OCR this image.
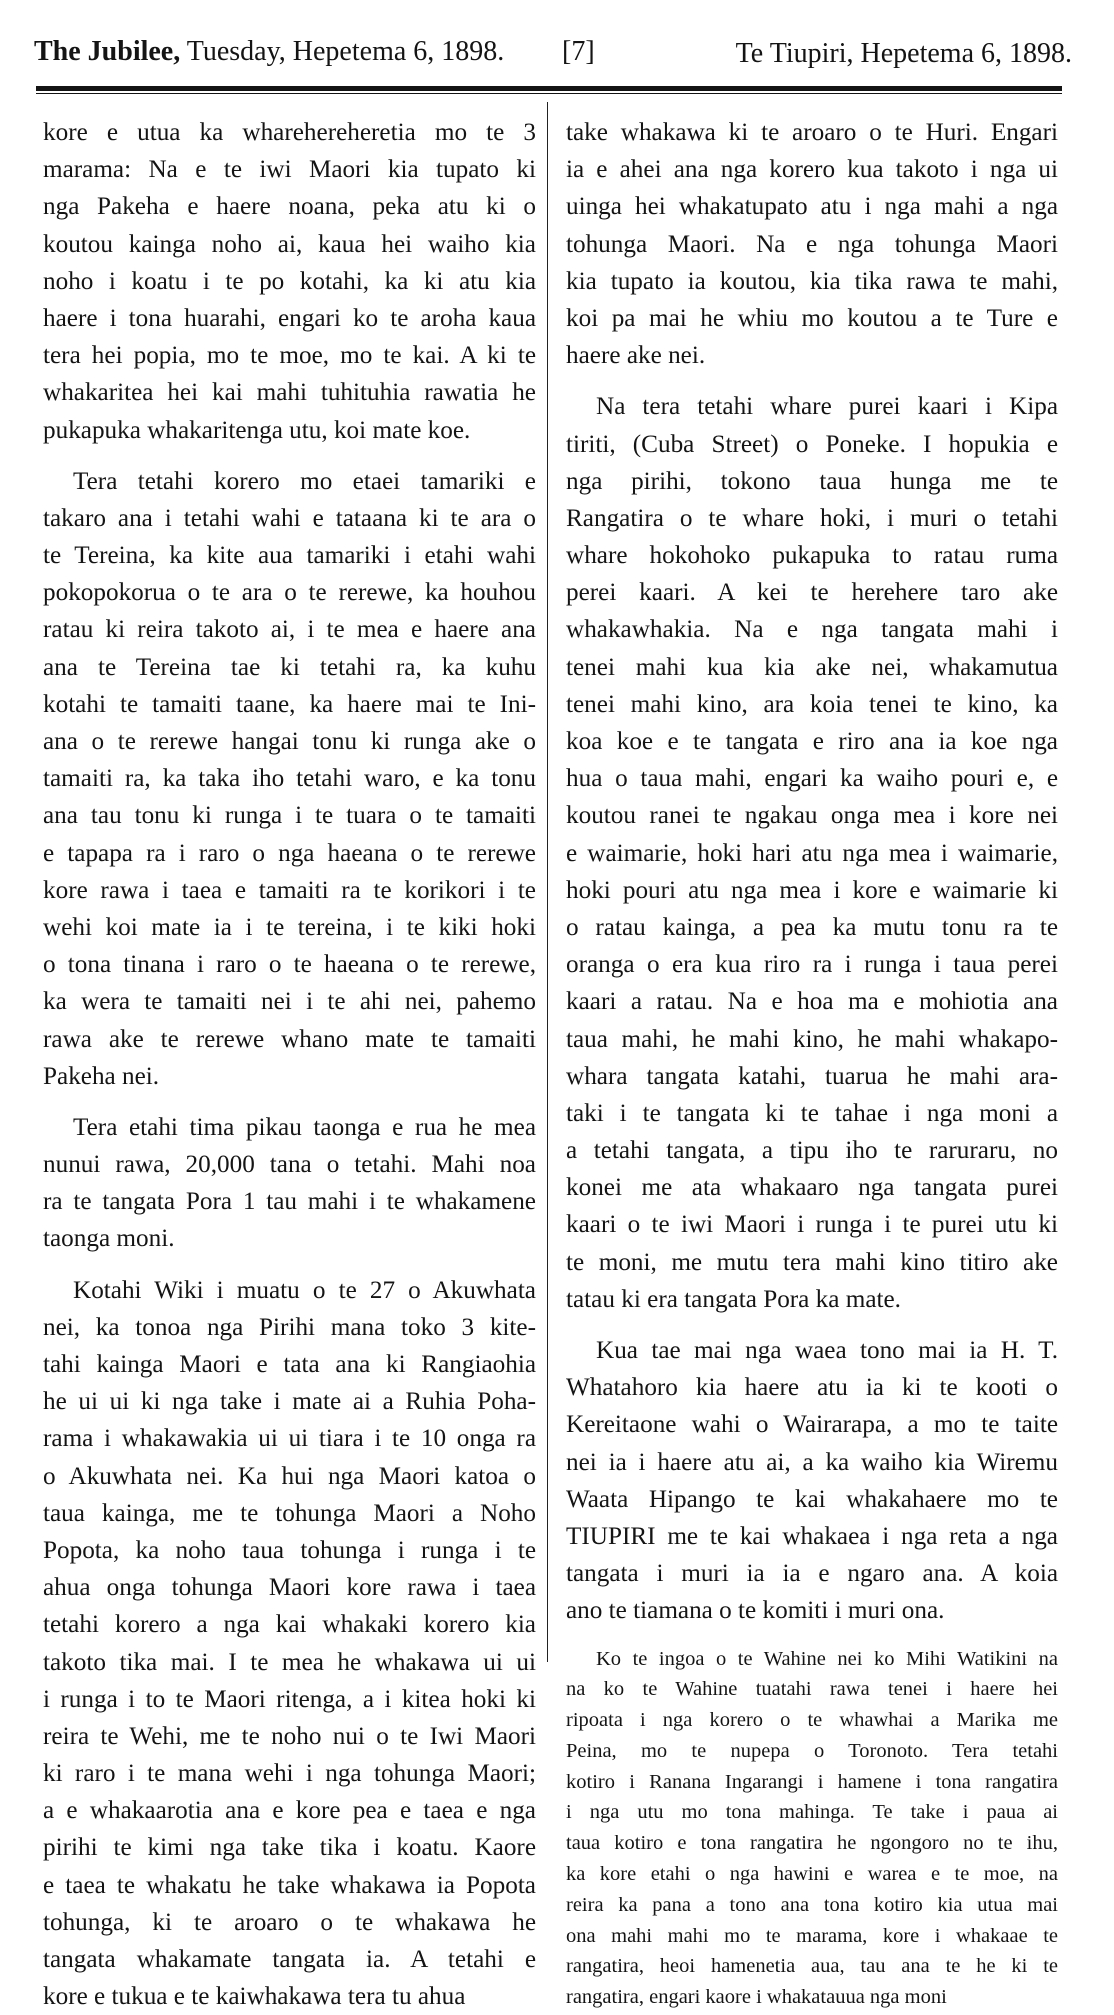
The Jubilee, Tuesday, Hepetema 6, 1898. [7]	Te Tiupiri, Hepetema 6, 1898.
kore e utua ka wharehereheretia mo te 3
marama: Na e te iwi Maori kia tupato ki
nga Pakeha e haere noana, peka atu ki o
koutou kainga noho ai, kaua hei waiho kia
noho i koatu i te po kotahi, ka ki atu kia
haere i tona huarahi, engari ko te aroha kaua
tera hei popia, mo te moe, mo te kai. A ki te
whakaritea hei kai mahi tuhituhia rawatia he
pukapuka whakaritenga utu, koi mate koe.
Tera tetahi korero mo etaei tamariki e
takaro ana i tetahi wahi e tataana ki te ara o
te Tereina, ka kite aua tamariki i etahi wahi
pokopokorua o te ara o te rerewe, ka houhou
ratau ki reira takoto ai, i te mea e haere ana
ana te Tereina tae ki tetahi ra, ka kuhu
kotahi te tamaiti taane, ka haere mai te Ini-
ana o te rerewe hangai tonu ki runga ake o
tamaiti ra, ka taka iho tetahi waro, e ka tonu
ana tau tonu ki runga i te tuara o te tamaiti
e tapapa ra i raro o nga haeana o te rerewe
kore rawa i taea e tamaiti ra te korikori i te
wehi koi mate ia i te tereina, i te kiki hoki
o tona tinana i raro o te haeana o te rerewe,
ka wera te tamaiti nei i te ahi nei, pahemo
rawa ake te rerewe whano mate te tamaiti
Pakeha nei.
Tera etahi tima pikau taonga e rua he mea
nunui rawa, 20,000 tana o tetahi. Mahi noa
ra te tangata Pora 1 tau mahi i te whakamene
taonga moni.
Kotahi Wiki i muatu o te 27 o Akuwhata
nei, ka tonoa nga Pirihi mana toko 3 kite-
tahi kainga Maori e tata ana ki Rangiaohia
he ui ui ki nga take i mate ai a Ruhia Poha-
rama i whakawakia ui ui tiara i te 10 onga ra
o Akuwhata nei. Ka hui nga Maori katoa o
taua kainga, me te tohunga Maori a Noho
Popota, ka noho taua tohunga i runga i te
ahua onga tohunga Maori kore rawa i taea
tetahi korero a nga kai whakaki korero kia
takoto tika mai. I te mea he whakawa ui ui
i runga i to te Maori ritenga, a i kitea hoki ki
reira te Wehi, me te noho nui o te Iwi Maori
ki raro i te mana wehi i nga tohunga Maori;
a e whakaarotia ana e kore pea e taea e nga
pirihi te kimi nga take tika i koatu. Kaore
e taea te whakatu he take whakawa ia Popota
tohunga, ki te aroaro o te whakawa he
tangata whakamate tangata ia. A tetahi e
kore e tukua e te kaiwhakawa tera tu ahua
take whakawa ki te aroaro o te Huri. Engari
ia e ahei ana nga korero kua takoto i nga ui
uinga hei whakatupato atu i nga mahi a nga
tohunga Maori. Na e nga tohunga Maori
kia tupato ia koutou, kia tika rawa te mahi,
koi pa mai he whiu mo koutou a te Ture e
haere ake nei.
Na tera tetahi whare purei kaari i Kipa
tiriti, (Cuba Street) o Poneke. I hopukia e
nga pirihi, tokono taua hunga me te
Rangatira o te whare hoki, i muri o tetahi
whare hokohoko pukapuka to ratau ruma
perei kaari. A kei te herehere taro ake
whakawhakia. Na e nga tangata mahi i
tenei mahi kua kia ake nei, whakamutua
tenei mahi kino, ara koia tenei te kino, ka
koa koe e te tangata e riro ana ia koe nga
hua o taua mahi, engari ka waiho pouri e, e
koutou ranei te ngakau onga mea i kore nei
e waimarie, hoki hari atu nga mea i waimarie,
hoki pouri atu nga mea i kore e waimarie ki
o ratau kainga, a pea ka mutu tonu ra te
oranga o era kua riro ra i runga i taua perei
kaari a ratau. Na e hoa ma e mohiotia ana
taua mahi, he mahi kino, he mahi whakapo-
whara tangata katahi, tuarua he mahi ara-
taki i te tangata ki te tahae i nga moni a
a tetahi tangata, a tipu iho te raruraru, no
konei me ata whakaaro nga tangata purei
kaari o te iwi Maori i runga i te purei utu ki
te moni, me mutu tera mahi kino titiro ake
tatau ki era tangata Pora ka mate.
Kua tae mai nga waea tono mai ia H. T.
Whatahoro kia haere atu ia ki te kooti o
Kereitaone wahi o Wairarapa, a mo te taite
nei ia i haere atu ai, a ka waiho kia Wiremu
Waata Hipango te kai whakahaere mo te
TIUPIRI me te kai whakaea i nga reta a nga
tangata i muri ia ia e ngaro ana. A koia
ano te tiamana o te komiti i muri ona.
Ko te ingoa o te Wahine nei ko Mihi Watikini na
na ko te Wahine tuatahi rawa tenei i haere hei
ripoata i nga korero o te whawhai a Marika me
Peina, mo te nupepa o Toronoto. Tera tetahi
kotiro i Ranana Ingarangi i hamene i tona rangatira
i nga utu mo tona mahinga. Te take i paua ai
taua kotiro e tona rangatira he ngongoro no te ihu,
ka kore etahi o nga hawini e warea e te moe, na
reira ka pana a tono ana tona kotiro kia utua mai
ona mahi mahi mo te marama, kore i whakaae te
rangatira, heoi hamenetia aua, tau ana te he ki te
rangatira, engari kaore i whakatauua nga moni
